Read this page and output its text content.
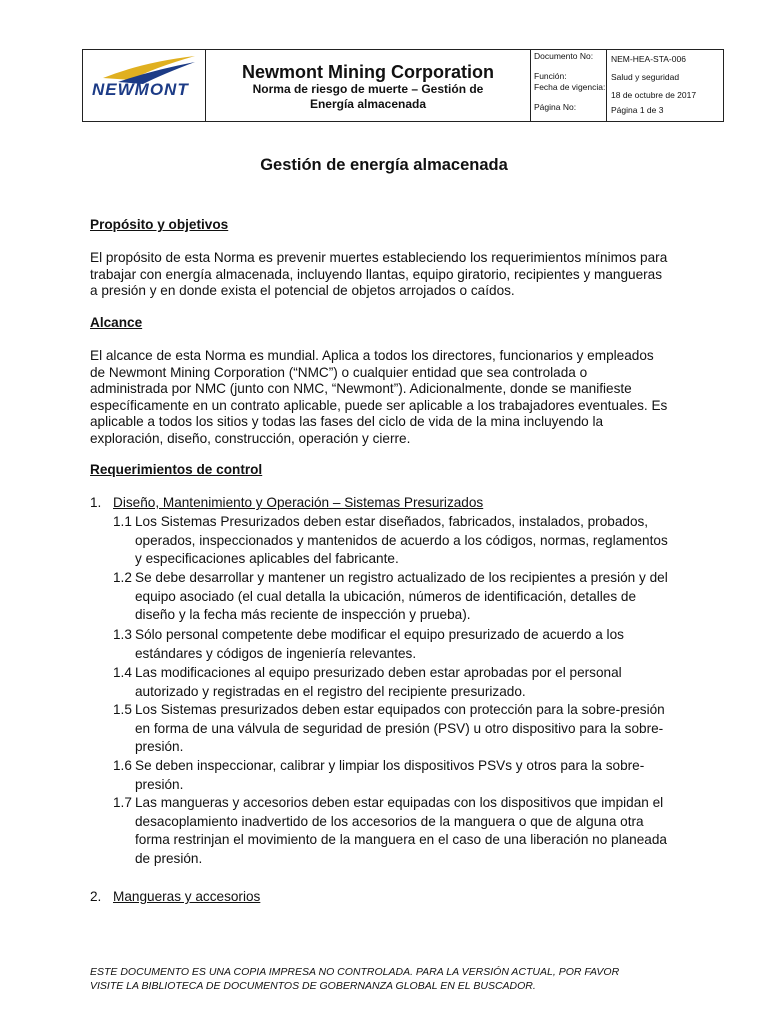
NEWMONT
Newmont Mining Corporation
Norma de riesgo de muerte – Gestión de
Energía almacenada
Documento No:
Función:
Fecha de vigencia:
Página No:
NEM-HEA-STA-006
Salud y seguridad
18 de octubre de 2017
Página 1 de 3
Gestión de energía almacenada
Propósito y objetivos
El propósito de esta Norma es prevenir muertes estableciendo los requerimientos mínimos para
trabajar con energía almacenada, incluyendo llantas, equipo giratorio, recipientes y mangueras
a presión y en donde exista el potencial de objetos arrojados o caídos.
Alcance
El alcance de esta Norma es mundial. Aplica a todos los directores, funcionarios y empleados
de Newmont Mining Corporation (“NMC”) o cualquier entidad que sea controlada o
administrada por NMC (junto con NMC, “Newmont”). Adicionalmente, donde se manifieste
específicamente en un contrato aplicable, puede ser aplicable a los trabajadores eventuales. Es
aplicable a todos los sitios y todas las fases del ciclo de vida de la mina incluyendo la
exploración, diseño, construcción, operación y cierre.
Requerimientos de control
1. Diseño, Mantenimiento y Operación – Sistemas Presurizados
1.1 Los Sistemas Presurizados deben estar diseñados, fabricados, instalados, probados,
operados, inspeccionados y mantenidos de acuerdo a los códigos, normas, reglamentos
y especificaciones aplicables del fabricante.
1.2 Se debe desarrollar y mantener un registro actualizado de los recipientes a presión y del
equipo asociado (el cual detalla la ubicación, números de identificación, detalles de
diseño y la fecha más reciente de inspección y prueba).
1.3 Sólo personal competente debe modificar el equipo presurizado de acuerdo a los
estándares y códigos de ingeniería relevantes.
1.4 Las modificaciones al equipo presurizado deben estar aprobadas por el personal
autorizado y registradas en el registro del recipiente presurizado.
1.5 Los Sistemas presurizados deben estar equipados con protección para la sobre-presión
en forma de una válvula de seguridad de presión (PSV) u otro dispositivo para la sobre-
presión.
1.6 Se deben inspeccionar, calibrar y limpiar los dispositivos PSVs y otros para la sobre-
presión.
1.7 Las mangueras y accesorios deben estar equipadas con los dispositivos que impidan el
desacoplamiento inadvertido de los accesorios de la manguera o que de alguna otra
forma restrinjan el movimiento de la manguera en el caso de una liberación no planeada
de presión.
2. Mangueras y accesorios
ESTE DOCUMENTO ES UNA COPIA IMPRESA NO CONTROLADA. PARA LA VERSIÓN ACTUAL, POR FAVOR
VISITE LA BIBLIOTECA DE DOCUMENTOS DE GOBERNANZA GLOBAL EN EL BUSCADOR.
